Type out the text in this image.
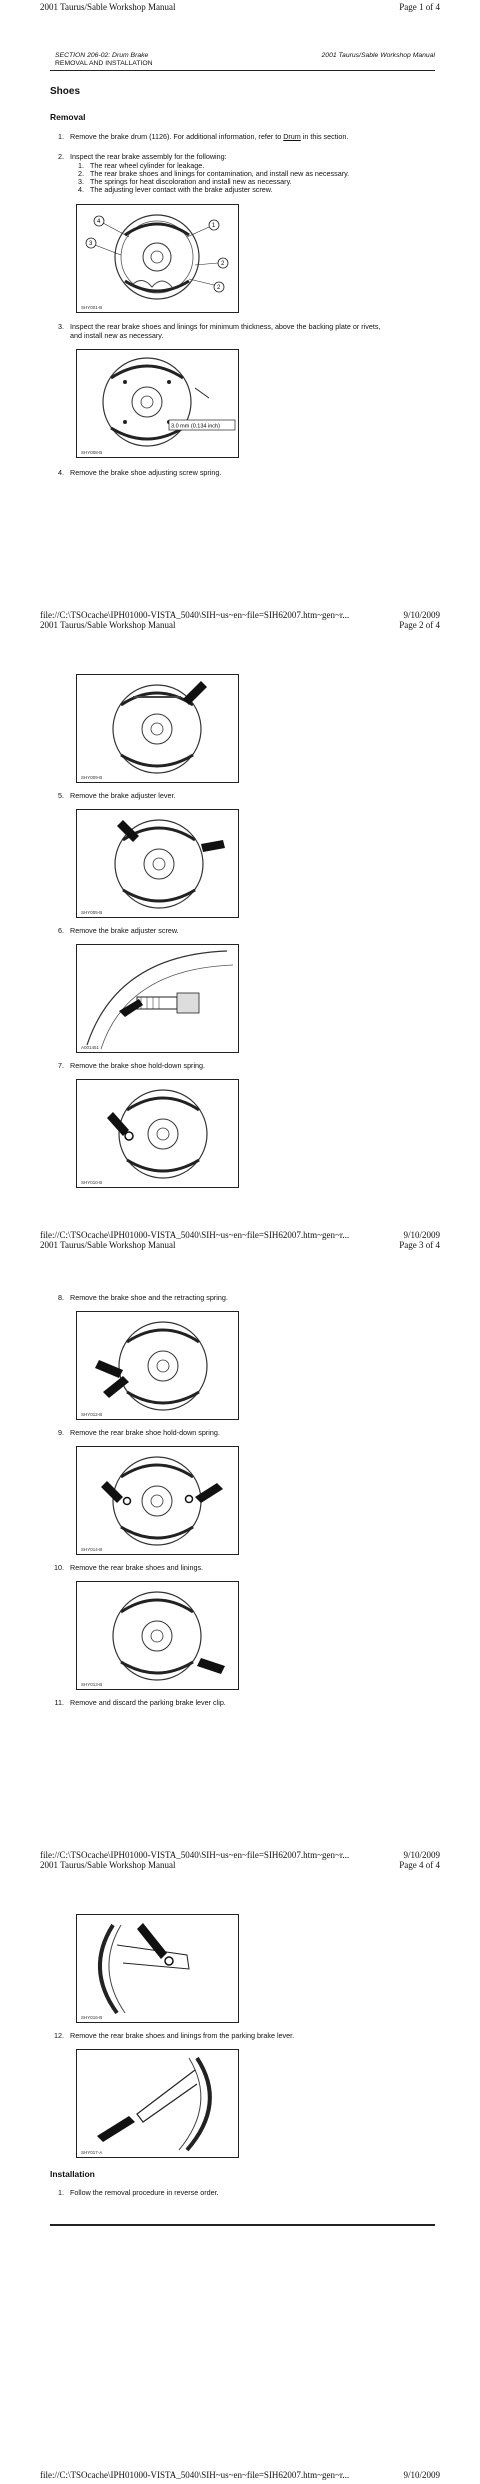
2001 Taurus/Sable Workshop Manual	Page 1 of 4
SECTION 206-02: Drum Brake
REMOVAL AND INSTALLATION
2001 Taurus/Sable Workshop Manual
Shoes
Removal
1. Remove the brake drum (1126). For additional information, refer to Drum in this section.
2. Inspect the rear brake assembly for the following:
1. The rear wheel cylinder for leakage.
2. The rear brake shoes and linings for contamination, and install new as necessary.
3. The springs for heat discoloration and install new as necessary.
4. The adjusting lever contact with the brake adjuster screw.
4
3
1
2
2
SHY001-B
3. Inspect the rear brake shoes and linings for minimum thickness, above the backing plate or rivets,
and install new as necessary.
3.0 mm (0.134 inch)
SHY008-B
4. Remove the brake shoe adjusting screw spring.
file://C:\TSOcache\IPH01000-VISTA_5040\SIH~us~en~file=SIH62007.htm~gen~r...	9/10/2009
2001 Taurus/Sable Workshop Manual	Page 2 of 4
SHY009-B
5. Remove the brake adjuster lever.
SHY005-B
6. Remove the brake adjuster screw.
A001451
7. Remove the brake shoe hold-down spring.
SHY010-B
file://C:\TSOcache\IPH01000-VISTA_5040\SIH~us~en~file=SIH62007.htm~gen~r...	9/10/2009
2001 Taurus/Sable Workshop Manual	Page 3 of 4
8. Remove the brake shoe and the retracting spring.
SHY012-B
9. Remove the rear brake shoe hold-down spring.
SHY014-B
10. Remove the rear brake shoes and linings.
SHY013-B
11. Remove and discard the parking brake lever clip.
file://C:\TSOcache\IPH01000-VISTA_5040\SIH~us~en~file=SIH62007.htm~gen~r...	9/10/2009
2001 Taurus/Sable Workshop Manual	Page 4 of 4
SHY016-B
12. Remove the rear brake shoes and linings from the parking brake lever.
SHY017-A
Installation
1. Follow the removal procedure in reverse order.
file://C:\TSOcache\IPH01000-VISTA_5040\SIH~us~en~file=SIH62007.htm~gen~r...	9/10/2009
